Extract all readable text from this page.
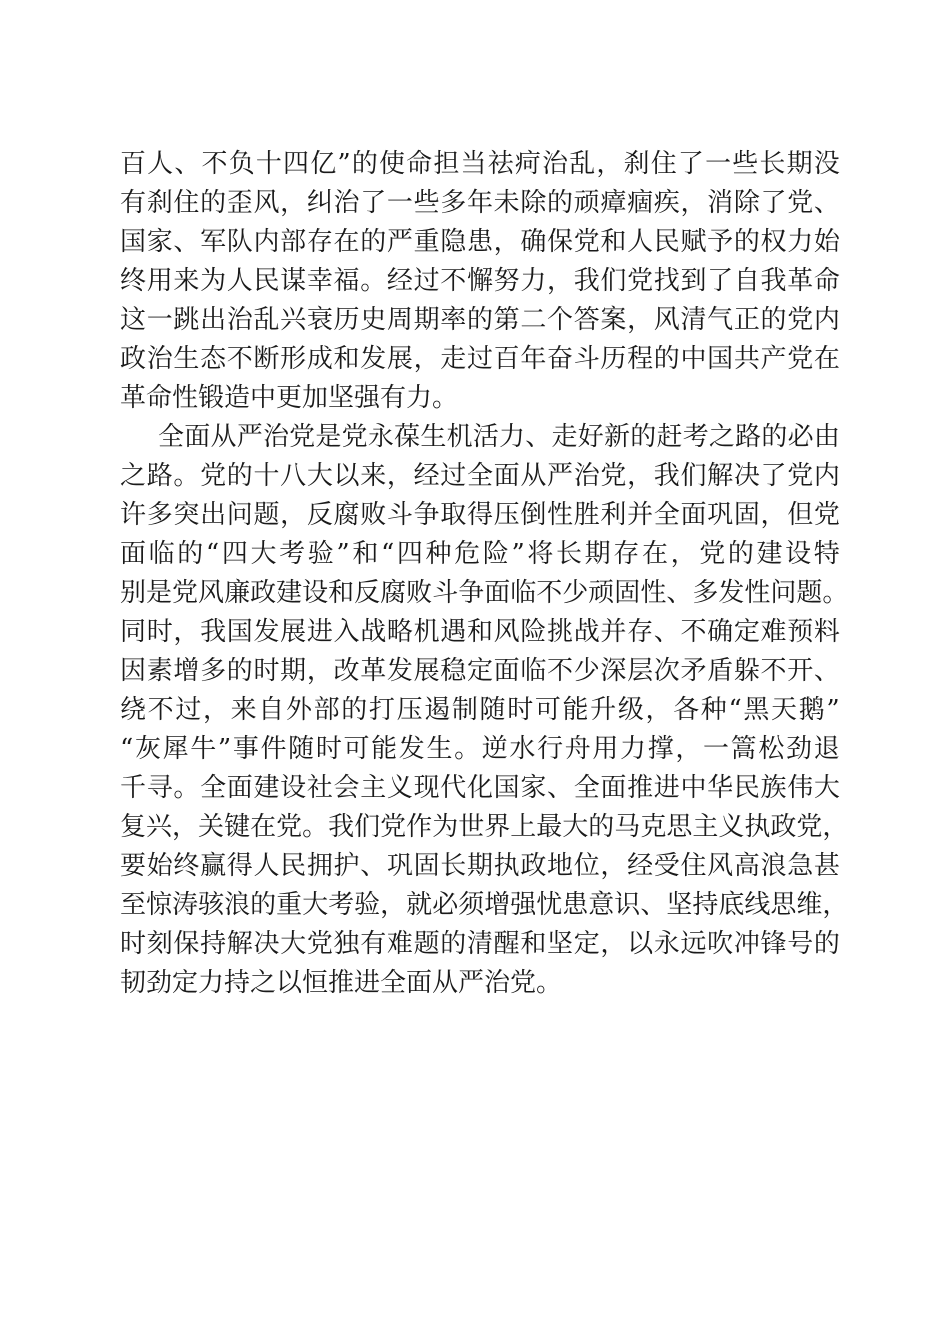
百 人 、 不 负 十 四 亿 ” 的 使 命 担 当 祛 疴 治 乱 ， 刹 住 了 一 些 长 期 没
有 刹 住 的 歪 风 ， 纠 治 了 一 些 多 年 未 除 的 顽 瘴 痼 疾 ， 消 除 了 党 、
国 家 、 军 队 内 部 存 在 的 严 重 隐 患 ， 确 保 党 和 人 民 赋 予 的 权 力 始
终 用 来 为 人 民 谋 幸 福 。 经 过 不 懈 努 力 ， 我 们 党 找 到 了 自 我 革 命
这 一 跳 出 治 乱 兴 衰 历 史 周 期 率 的 第 二 个 答 案 ， 风 清 气 正 的 党 内
政 治 生 态 不 断 形 成 和 发 展 ， 走 过 百 年 奋 斗 历 程 的 中 国 共 产 党 在
革命性锻造中更加坚强有力。
全 面 从 严 治 党 是 党 永 葆 生 机 活 力 、 走 好 新 的 赶 考 之 路 的 必 由
之 路 。 党 的 十 八 大 以 来 ， 经 过 全 面 从 严 治 党 ， 我 们 解 决 了 党 内
许 多 突 出 问 题 ， 反 腐 败 斗 争 取 得 压 倒 性 胜 利 并 全 面 巩 固 ， 但 党
面 临 的 “ 四 大 考 验 ” 和 “ 四 种 危 险 ” 将 长 期 存 在 ， 党 的 建 设 特
别 是 党 风 廉 政 建 设 和 反 腐 败 斗 争 面 临 不 少 顽 固 性 、 多 发 性 问 题 。
同 时 ， 我 国 发 展 进 入 战 略 机 遇 和 风 险 挑 战 并 存 、 不 确 定 难 预 料
因 素 增 多 的 时 期 ， 改 革 发 展 稳 定 面 临 不 少 深 层 次 矛 盾 躲 不 开 、
绕 不 过 ， 来 自 外 部 的 打 压 遏 制 随 时 可 能 升 级 ， 各 种 “ 黑 天 鹅 ”
“ 灰 犀 牛 ” 事 件 随 时 可 能 发 生 。 逆 水 行 舟 用 力 撑 ， 一 篙 松 劲 退
千 寻 。 全 面 建 设 社 会 主 义 现 代 化 国 家 、 全 面 推 进 中 华 民 族 伟 大
复 兴 ， 关 键 在 党 。 我 们 党 作 为 世 界 上 最 大 的 马 克 思 主 义 执 政 党 ，
要 始 终 赢 得 人 民 拥 护 、 巩 固 长 期 执 政 地 位 ， 经 受 住 风 高 浪 急 甚
至 惊 涛 骇 浪 的 重 大 考 验 ， 就 必 须 增 强 忧 患 意 识 、 坚 持 底 线 思 维 ，
时 刻 保 持 解 决 大 党 独 有 难 题 的 清 醒 和 坚 定 ， 以 永 远 吹 冲 锋 号 的
韧劲定力持之以恒推进全面从严治党。
